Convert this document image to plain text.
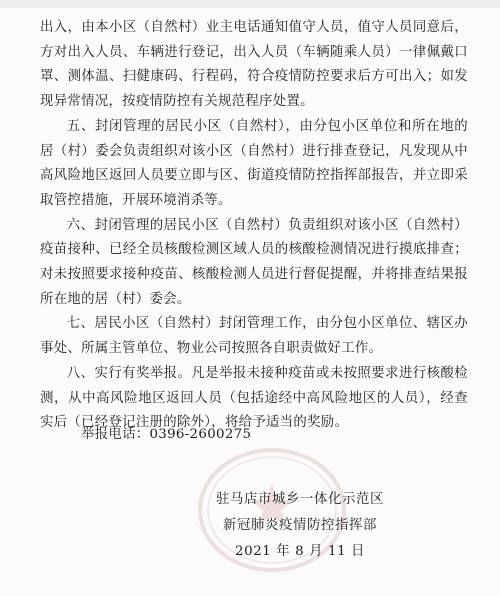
出入，由本小区（自然村）业主电话通知值守人员，值守人员同意后，方对出入人员、车辆进行登记，出入人员（车辆随乘人员）一律佩戴口罩、测体温、扫健康码、行程码，符合疫情防控要求后方可出入；如发现异常情况，按疫情防控有关规范程序处置。

五、封闭管理的居民小区（自然村），由分包小区单位和所在地的居（村）委会负责组织对该小区（自然村）进行排查登记，凡发现从中高风险地区返回人员要立即与区、街道疫情防控指挥部报告，并立即采取管控措施，开展环境消杀等。

六、封闭管理的居民小区（自然村）负责组织对该小区（自然村）疫苗接种、已经全员核酸检测区域人员的核酸检测情况进行摸底排查；对未按照要求接种疫苗、核酸检测人员进行督促提醒，并将排查结果报所在地的居（村）委会。

七、居民小区（自然村）封闭管理工作，由分包小区单位、辖区办事处、所属主管单位、物业公司按照各自职责做好工作。

八、实行有奖举报。凡是举报未接种疫苗或未按照要求进行核酸检测，从中高风险地区返回人员（包括途经中高风险地区的人员），经查实后（已经登记注册的除外），将给予适当的奖励。

举报电话：0396-2600275
驻马店市城乡一体化示范区
新冠肺炎疫情防控指挥部
2021 年 8 月 11 日
